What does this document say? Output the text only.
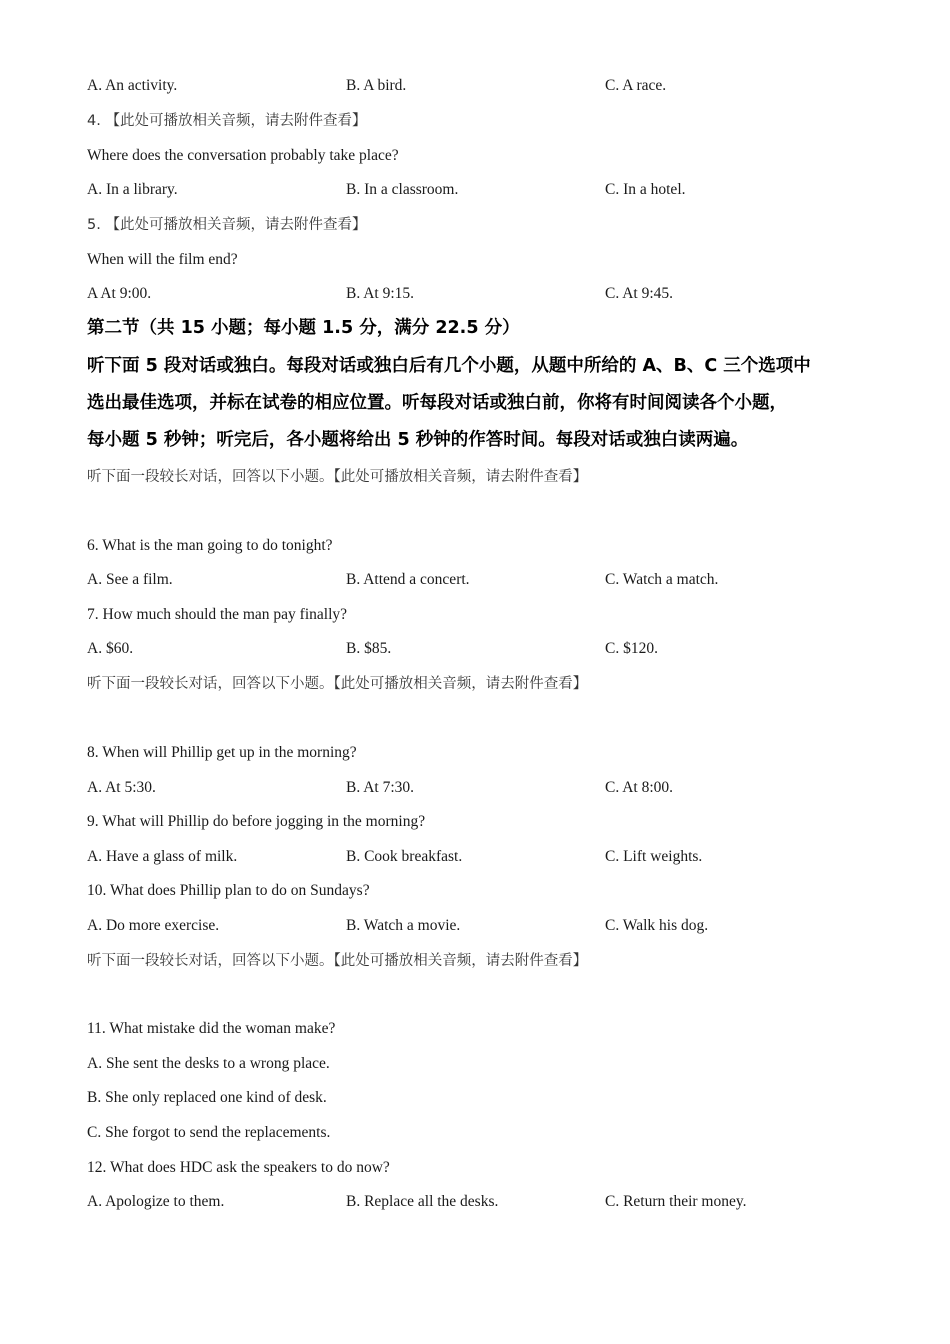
A. An activity.	B. A bird.	C. A race.
4. 【此处可播放相关音频，请去附件查看】
Where does the conversation probably take place?
A. In a library.	B. In a classroom.	C. In a hotel.
5. 【此处可播放相关音频，请去附件查看】
When will the film end?
A At 9:00.	B. At 9:15.	C. At 9:45.
第二节（共 15 小题；每小题 1.5 分，满分 22.5 分）
听下面 5 段对话或独白。每段对话或独白后有几个小题，从题中所给的 A、B、C 三个选项中
选出最佳选项，并标在试卷的相应位置。听每段对话或独白前，你将有时间阅读各个小题，
每小题 5 秒钟；听完后，各小题将给出 5 秒钟的作答时间。每段对话或独白读两遍。
听下面一段较长对话，回答以下小题。【此处可播放相关音频，请去附件查看】
6. What is the man going to do tonight?
A. See a film.	B. Attend a concert.	C. Watch a match.
7. How much should the man pay finally?
A. $60.	B. $85.	C. $120.
听下面一段较长对话，回答以下小题。【此处可播放相关音频，请去附件查看】
8. When will Phillip get up in the morning?
A. At 5:30.	B. At 7:30.	C. At 8:00.
9. What will Phillip do before jogging in the morning?
A. Have a glass of milk.	B. Cook breakfast.	C. Lift weights.
10. What does Phillip plan to do on Sundays?
A. Do more exercise.	B. Watch a movie.	C. Walk his dog.
听下面一段较长对话，回答以下小题。【此处可播放相关音频，请去附件查看】
11. What mistake did the woman make?
A. She sent the desks to a wrong place.
B. She only replaced one kind of desk.
C. She forgot to send the replacements.
12. What does HDC ask the speakers to do now?
A. Apologize to them.	B. Replace all the desks.	C. Return their money.
